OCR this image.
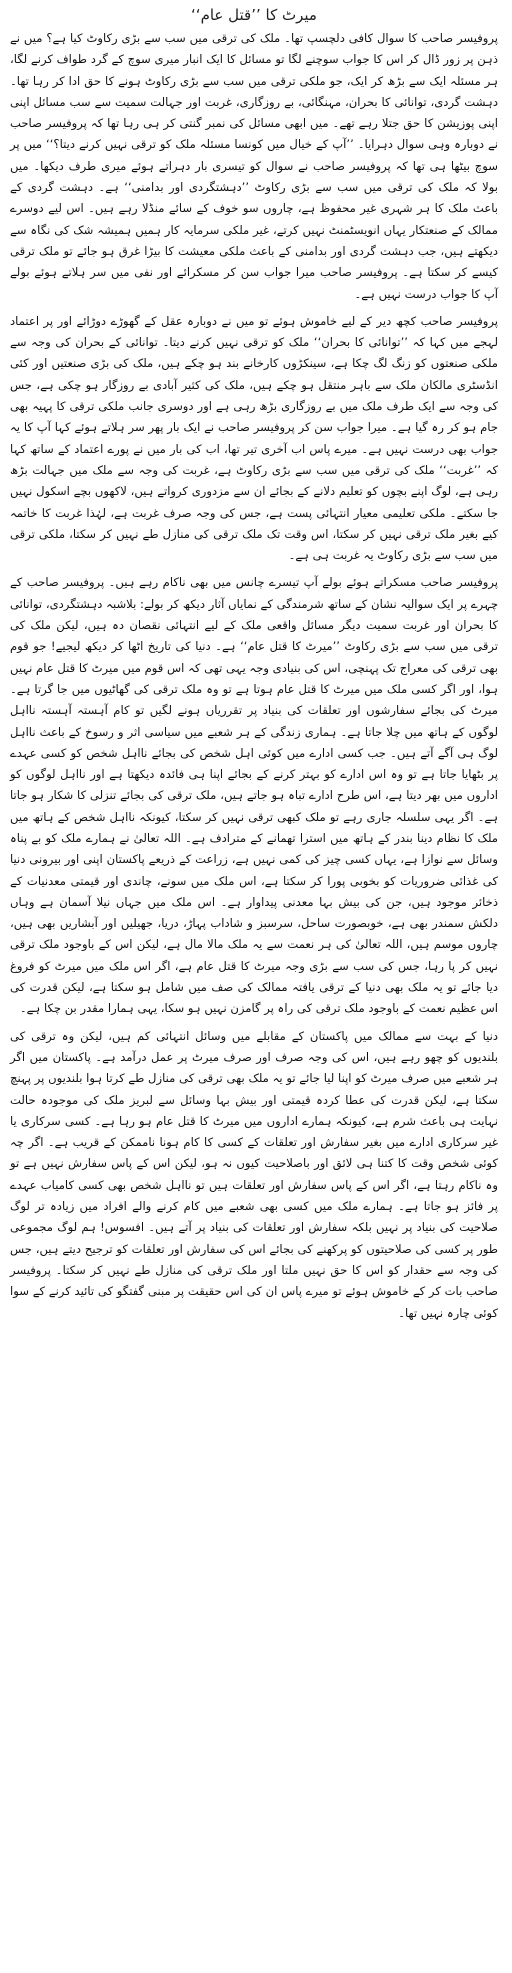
میرٹ کا ’’قتل عام‘‘

پروفیسر صاحب کا سوال کافی دلچسپ تھا۔ ملک کی ترقی میں سب سے بڑی رکاوٹ کیا ہے؟ میں نے ذہن پر زور ڈال کر اس کا جواب سوچنے لگا تو مسائل کا ایک انبار میری سوچ کے گرد طواف کرنے لگا، ہر مسئلہ ایک سے بڑھ کر ایک، جو ملکی ترقی میں سب سے بڑی رکاوٹ ہونے کا حق ادا کر رہا تھا۔ دہشت گردی، توانائی کا بحران، مہنگائی، بے روزگاری، غربت اور جہالت سمیت سے سب مسائل اپنی اپنی پوزیشن کا حق جتلا رہے تھے۔ میں ابھی مسائل کی نمبر گنتی کر ہی رہا تھا کہ پروفیسر صاحب نے دوبارہ وہی سوال دہرایا۔ ’’آپ کے خیال میں کونسا مسئلہ ملک کو ترقی نہیں کرنے دیتا؟‘‘ میں پر سوچ بیٹھا ہی تھا کہ پروفیسر صاحب نے سوال کو تیسری بار دہراتے ہوئے میری طرف دیکھا۔ میں بولا کہ ملک کی ترقی میں سب سے بڑی رکاوٹ ’’دہشتگردی اور بدامنی‘‘ ہے۔ دہشت گردی کے باعث ملک کا ہر شہری غیر محفوظ ہے، چاروں سو خوف کے سائے منڈلا رہے ہیں۔ اس لیے دوسرے ممالک کے صنعتکار یہاں انویسٹمنٹ نہیں کرتے، غیر ملکی سرمایہ کار ہمیں ہمیشہ شک کی نگاہ سے دیکھتے ہیں، جب دہشت گردی اور بدامنی کے باعث ملکی معیشت کا بیڑا غرق ہو جائے تو ملک ترقی کیسے کر سکتا ہے۔ پروفیسر صاحب میرا جواب سن کر مسکرائے اور نفی میں سر ہلاتے ہوئے بولے آپ کا جواب درست نہیں ہے۔

پروفیسر صاحب کچھ دیر کے لیے خاموش ہوئے تو میں نے دوبارہ عقل کے گھوڑے دوڑائے اور پر اعتماد لہجے میں کہا کہ ’’توانائی کا بحران‘‘ ملک کو ترقی نہیں کرنے دیتا۔ توانائی کے بحران کی وجہ سے ملکی صنعتوں کو زنگ لگ چکا ہے، سینکڑوں کارخانے بند ہو چکے ہیں، ملک کی بڑی صنعتیں اور کئی انڈسٹری مالکان ملک سے باہر منتقل ہو چکے ہیں، ملک کی کثیر آبادی بے روزگار ہو چکی ہے، جس کی وجہ سے ایک طرف ملک میں بے روزگاری بڑھ رہی ہے اور دوسری جانب ملکی ترقی کا پہیہ بھی جام ہو کر رہ گیا ہے۔ میرا جواب سن کر پروفیسر صاحب نے ایک بار پھر سر ہلاتے ہوئے کہا آپ کا یہ جواب بھی درست نہیں ہے۔ میرے پاس اب آخری تیر تھا، اب کی بار میں نے پورے اعتماد کے ساتھ کہا کہ ’’غربت‘‘ ملک کی ترقی میں سب سے بڑی رکاوٹ ہے، غربت کی وجہ سے ملک میں جہالت بڑھ رہی ہے، لوگ اپنے بچوں کو تعلیم دلانے کے بجائے ان سے مزدوری کرواتے ہیں، لاکھوں بچے اسکول نہیں جا سکتے۔ ملکی تعلیمی معیار انتہائی پست ہے، جس کی وجہ صرف غربت ہے، لہٰذا غربت کا خاتمہ کیے بغیر ملک ترقی نہیں کر سکتا، اس وقت تک ملک ترقی کی منازل طے نہیں کر سکتا، ملکی ترقی میں سب سے بڑی رکاوٹ یہ غربت ہی ہے۔

پروفیسر صاحب مسکراتے ہوئے بولے آپ تیسرے چانس میں بھی ناکام رہے ہیں۔ پروفیسر صاحب کے چہرے پر ایک سوالیہ نشان کے ساتھ شرمندگی کے نمایاں آثار دیکھ کر بولے: بلاشبہ دہشتگردی، توانائی کا بحران اور غربت سمیت دیگر مسائل واقعی ملک کے لیے انتہائی نقصان دہ ہیں، لیکن ملک کی ترقی میں سب سے بڑی رکاوٹ ’’میرٹ کا قتل عام‘‘ ہے۔ دنیا کی تاریخ اٹھا کر دیکھ لیجیے! جو قوم بھی ترقی کی معراج تک پہنچی، اس کی بنیادی وجہ یہی تھی کہ اس قوم میں میرٹ کا قتل عام نہیں ہوا، اور اگر کسی ملک میں میرٹ کا قتل عام ہوتا ہے تو وہ ملک ترقی کی گھاٹیوں میں جا گرتا ہے۔ میرٹ کی بجائے سفارشوں اور تعلقات کی بنیاد پر تقرریاں ہونے لگیں تو کام آہستہ آہستہ نااہل لوگوں کے ہاتھ میں چلا جاتا ہے۔ ہماری زندگی کے ہر شعبے میں سیاسی اثر و رسوخ کے باعث نااہل لوگ ہی آگے آتے ہیں۔ جب کسی ادارے میں کوئی اہل شخص کی بجائے نااہل شخص کو کسی عہدے پر بٹھایا جاتا ہے تو وہ اس ادارے کو بہتر کرنے کے بجائے اپنا ہی فائدہ دیکھتا ہے اور نااہل لوگوں کو اداروں میں بھر دیتا ہے، اس طرح ادارے تباہ ہو جاتے ہیں، ملک ترقی کی بجائے تنزلی کا شکار ہو جاتا ہے۔ اگر یہی سلسلہ جاری رہے تو ملک کبھی ترقی نہیں کر سکتا، کیونکہ نااہل شخص کے ہاتھ میں ملک کا نظام دینا بندر کے ہاتھ میں استرا تھمانے کے مترادف ہے۔ اللہ تعالیٰ نے ہمارے ملک کو بے پناہ وسائل سے نوازا ہے، یہاں کسی چیز کی کمی نہیں ہے، زراعت کے ذریعے پاکستان اپنی اور بیرونی دنیا کی غذائی ضروریات کو بخوبی پورا کر سکتا ہے، اس ملک میں سونے، چاندی اور قیمتی معدنیات کے ذخائر موجود ہیں، جن کی بیش بہا معدنی پیداوار ہے۔ اس ملک میں جہاں نیلا آسمان ہے وہاں دلکش سمندر بھی ہے، خوبصورت ساحل، سرسبز و شاداب پہاڑ، دریا، جھیلیں اور آبشاریں بھی ہیں، چاروں موسم ہیں، اللہ تعالیٰ کی ہر نعمت سے یہ ملک مالا مال ہے، لیکن اس کے باوجود ملک ترقی نہیں کر پا رہا، جس کی سب سے بڑی وجہ میرٹ کا قتل عام ہے، اگر اس ملک میں میرٹ کو فروغ دیا جائے تو یہ ملک بھی دنیا کے ترقی یافتہ ممالک کی صف میں شامل ہو سکتا ہے، لیکن قدرت کی اس عظیم نعمت کے باوجود ملک ترقی کی راہ پر گامزن نہیں ہو سکا، یہی ہمارا مقدر بن چکا ہے۔

دنیا کے بہت سے ممالک میں پاکستان کے مقابلے میں وسائل انتہائی کم ہیں، لیکن وہ ترقی کی بلندیوں کو چھو رہے ہیں، اس کی وجہ صرف اور صرف میرٹ پر عمل درآمد ہے۔ پاکستان میں اگر ہر شعبے میں صرف میرٹ کو اپنا لیا جائے تو یہ ملک بھی ترقی کی منازل طے کرتا ہوا بلندیوں پر پہنچ سکتا ہے، لیکن قدرت کی عطا کردہ قیمتی اور بیش بہا وسائل سے لبریز ملک کی موجودہ حالت نہایت ہی باعث شرم ہے، کیونکہ ہمارے اداروں میں میرٹ کا قتل عام ہو رہا ہے۔ کسی سرکاری یا غیر سرکاری ادارے میں بغیر سفارش اور تعلقات کے کسی کا کام ہونا ناممکن کے قریب ہے۔ اگر چہ کوئی شخص وقت کا کتنا ہی لائق اور باصلاحیت کیوں نہ ہو، لیکن اس کے پاس سفارش نہیں ہے تو وہ ناکام رہتا ہے، اگر اس کے پاس سفارش اور تعلقات ہیں تو نااہل شخص بھی کسی کامیاب عہدے پر فائز ہو جاتا ہے۔ ہمارے ملک میں کسی بھی شعبے میں کام کرنے والے افراد میں زیادہ تر لوگ صلاحیت کی بنیاد پر نہیں بلکہ سفارش اور تعلقات کی بنیاد پر آتے ہیں۔ افسوس! ہم لوگ مجموعی طور پر کسی کی صلاحیتوں کو پرکھنے کی بجائے اس کی سفارش اور تعلقات کو ترجیح دیتے ہیں، جس کی وجہ سے حقدار کو اس کا حق نہیں ملتا اور ملک ترقی کی منازل طے نہیں کر سکتا۔ پروفیسر صاحب بات کر کے خاموش ہوئے تو میرے پاس ان کی اس حقیقت پر مبنی گفتگو کی تائید کرنے کے سوا کوئی چارہ نہیں تھا۔
